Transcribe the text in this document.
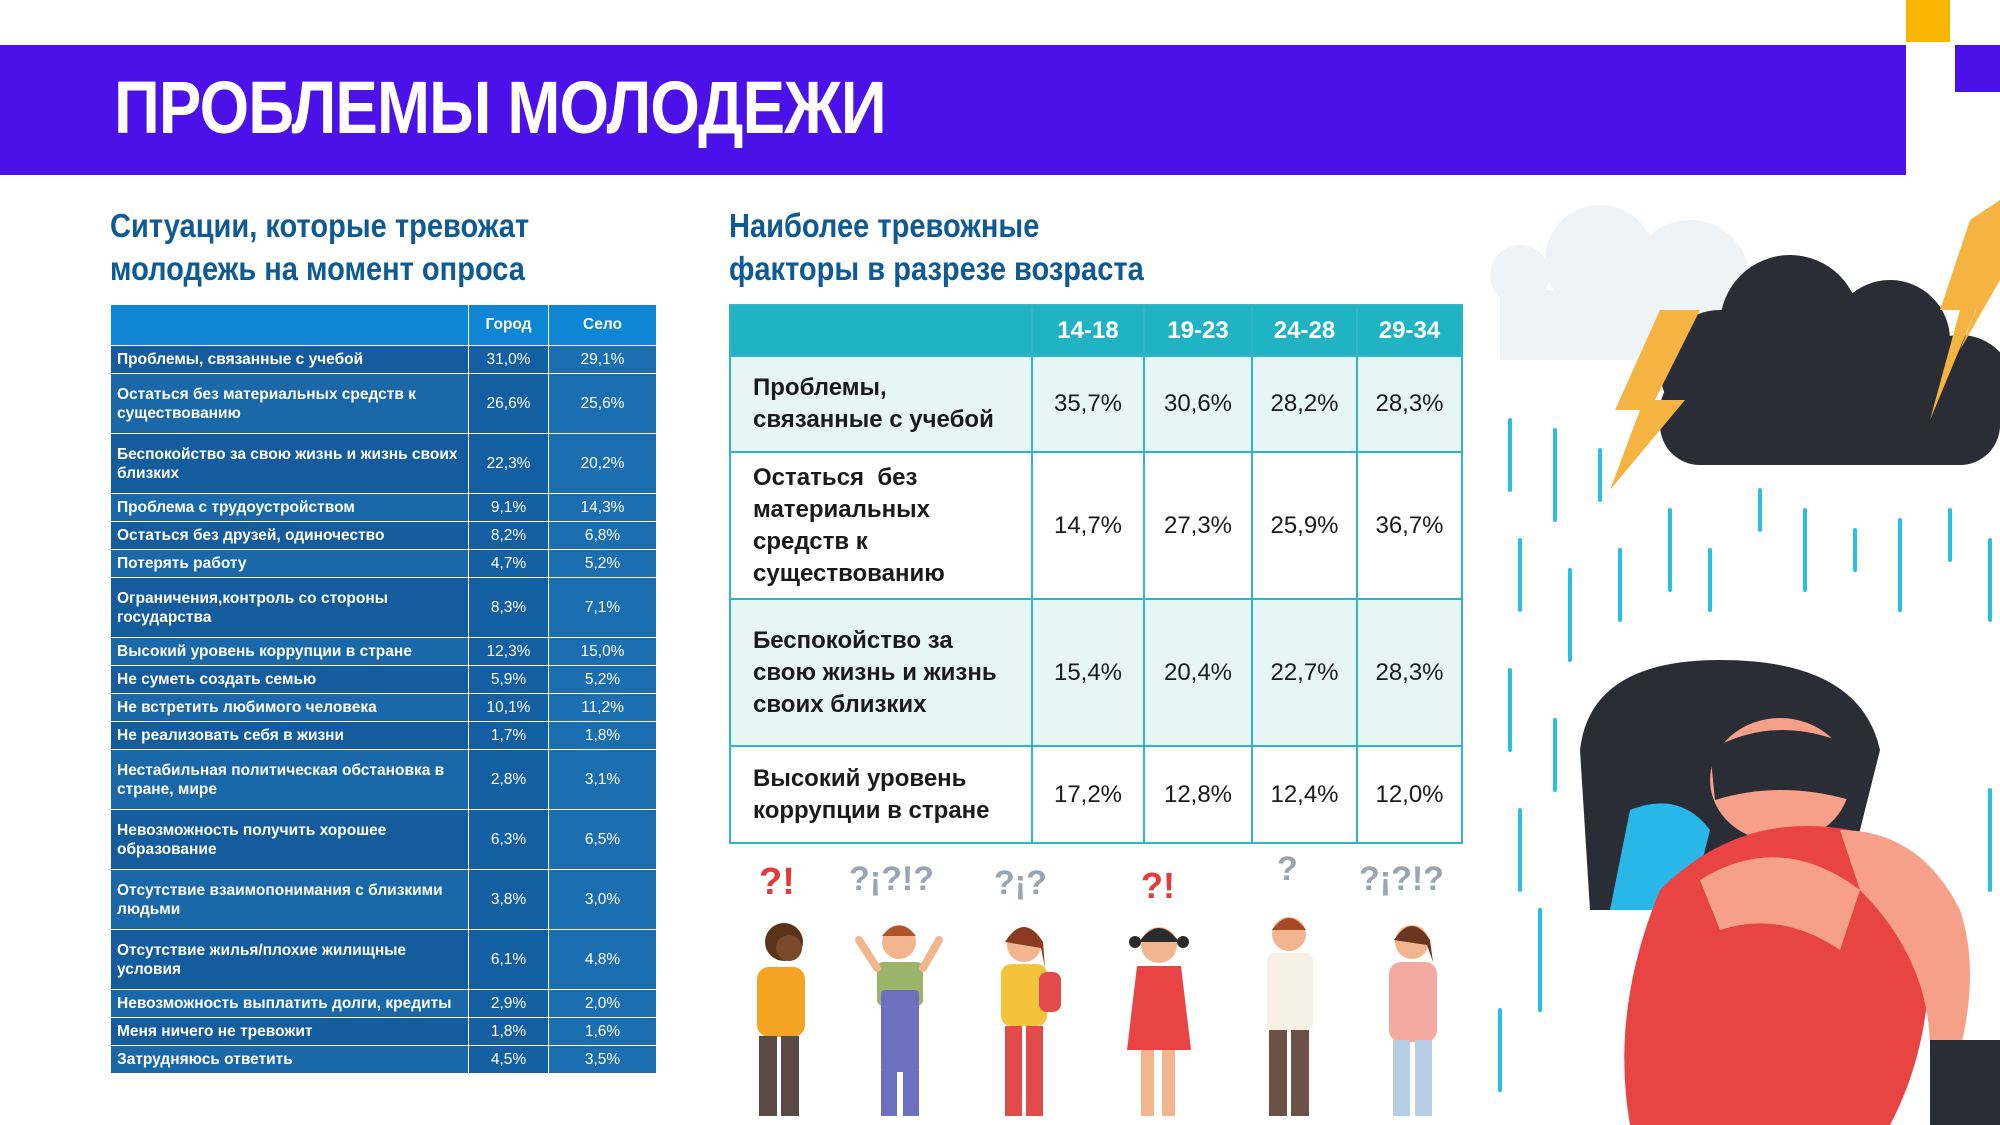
ПРОБЛЕМЫ МОЛОДЕЖИ
Ситуации, которые тревожат
молодежь на момент опроса
Наиболее тревожные
факторы в разрезе возраста
	Город	Село
Проблемы, связанные с учебой	31,0%	29,1%
Остаться без материальных средств к существованию	26,6%	25,6%
Беспокойство за свою жизнь и жизнь своих близких	22,3%	20,2%
Проблема с трудоустройством	9,1%	14,3%
Остаться без друзей, одиночество	8,2%	6,8%
Потерять работу	4,7%	5,2%
Ограничения,контроль со стороны государства	8,3%	7,1%
Высокий уровень коррупции в стране	12,3%	15,0%
Не суметь создать семью	5,9%	5,2%
Не встретить любимого человека	10,1%	11,2%
Не реализовать себя в жизни	1,7%	1,8%
Нестабильная политическая обстановка в стране, мире	2,8%	3,1%
Невозможность получить хорошее образование	6,3%	6,5%
Отсутствие взаимопонимания с близкими людьми	3,8%	3,0%
Отсутствие жилья/плохие жилищные условия	6,1%	4,8%
Невозможность выплатить долги, кредиты	2,9%	2,0%
Меня ничего не тревожит	1,8%	1,6%
Затрудняюсь ответить	4,5%	3,5%
	14-18	19-23	24-28	29-34

Проблемы,
связанные с учебой	35,7%	30,6%	28,2%	28,3%

Остаться  без
материальных
средств к
существованию	14,7%	27,3%	25,9%	36,7%

Беспокойство за
свою жизнь и жизнь
своих близких	15,4%	20,4%	22,7%	28,3%

Высокий уровень
коррупции в стране	17,2%	12,8%	12,4%	12,0%
?! ?¡?!? ?¡?	?!	? ?¡?!?
